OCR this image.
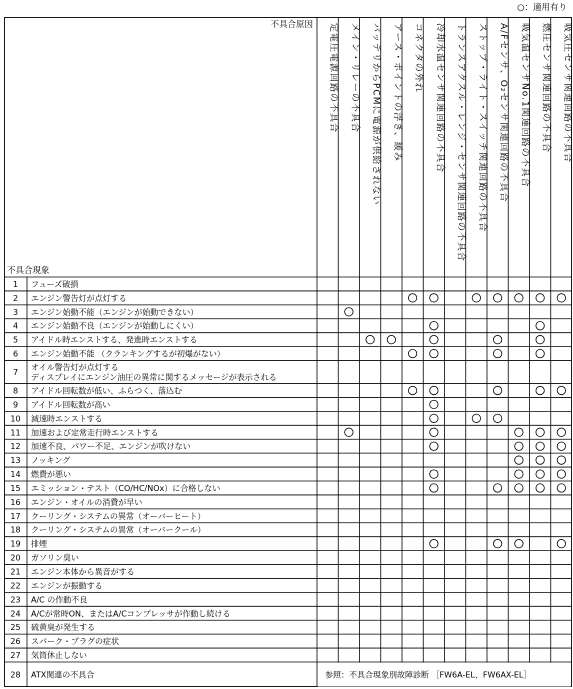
○：適用有り
不具合原因
不具合現象
定電圧電源回路の不具合 メイン・リレーの不具合 バッテリからPCMに電源が供給されない アース・ポイントの浮き、緩み コネクタの外れ 冷却水温センサ関連回路の不具合 トランスアクスル・レンジ・センサ関連回路の不具合 ストップ・ライト・スイッチ関連回路の不具合 A/Fセンサ、O₂センサ関連回路の不具合 吸気温センサNo.1関連回路の不具合 燃圧センサ関連回路の不具合 吸気圧センサ関連回路の不具合
1 フューズ破損
2 エンジン警告灯が点灯する
3 エンジン始動不能（エンジンが始動できない）
4 エンジン始動不良（エンジンが始動しにくい）
5 アイドル時エンストする、発進時エンストする
6 エンジン始動不能 （クランキングするが初爆がない）
7
オイル警告灯が点灯する
ディスプレイにエンジン油圧の異常に関するメッセージが表示される
8 アイドル回転数が低い、ふらつく、落込む
9 アイドル回転数が高い
10 減速時エンストする
11 加速および定常走行時エンストする
12 加速不良、パワー不足、エンジンが吹けない
13 ノッキング
14 燃費が悪い
15 エミッション・テスト（CO/HC/NOx）に合格しない
16 エンジン・オイルの消費が早い
17 クーリング・システムの異常（オーバーヒート）
18 クーリング・システムの異常（オーバークール）
19 排煙
20 ガソリン臭い
21 エンジン本体から異音がする
22 エンジンが振動する
23 A/C の作動不良
24 A/Cが常時ON、またはA/Cコンプレッサが作動し続ける
25 硫黄臭が発生する
26 スパーク・プラグの症状
27 気筒休止しない
28 ATX関連の不具合	参照：不具合現象別故障診断 ［FW6A-EL、FW6AX-EL］
